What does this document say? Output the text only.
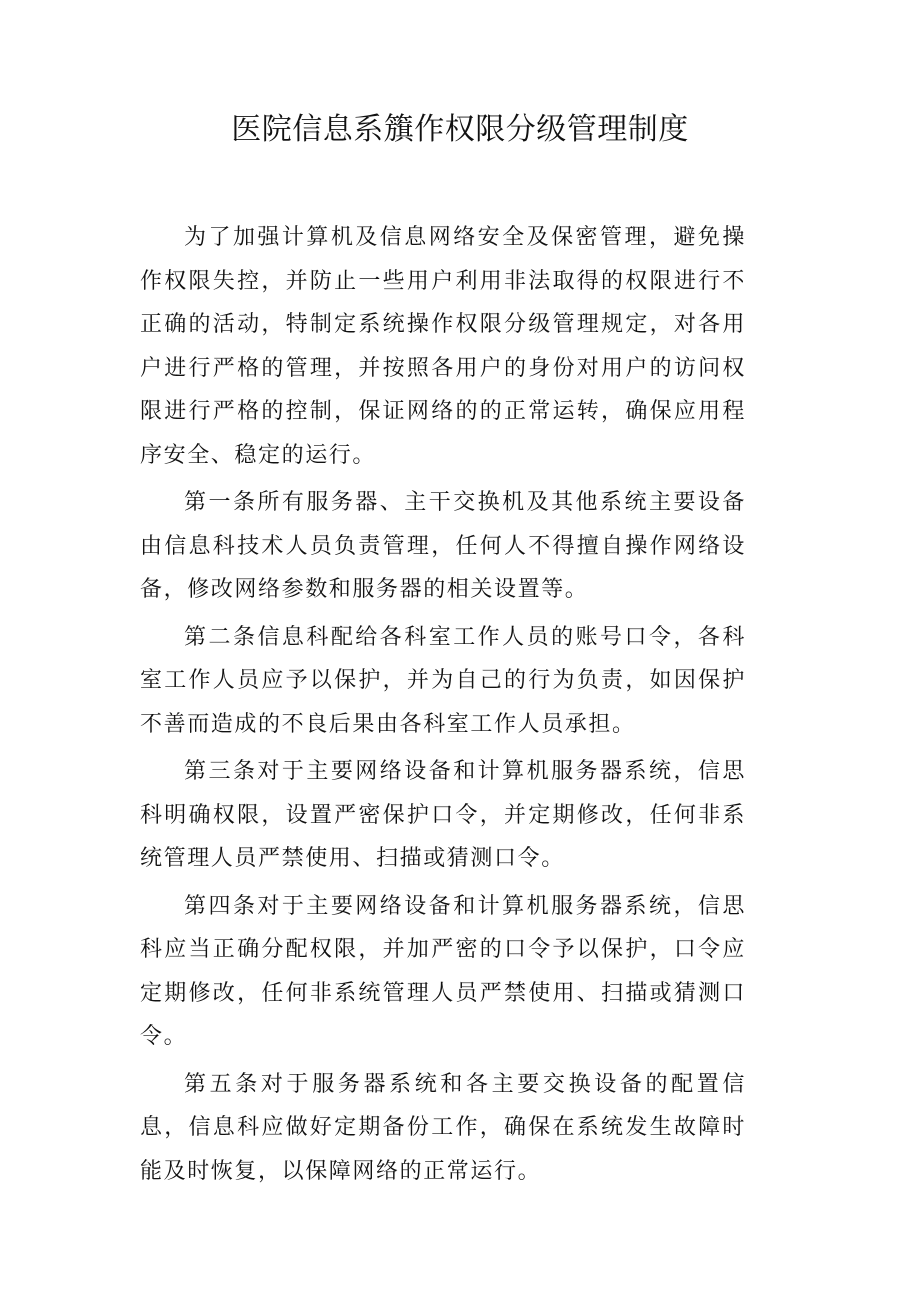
医院信息系籏作权限分级管理制度

为了加强计算机及信息网络安全及保密管理，避免操作权限失控，并防止一些用户利用非法取得的权限进行不正确的活动，特制定系统操作权限分级管理规定，对各用户进行严格的管理，并按照各用户的身份对用户的访问权限进行严格的控制，保证网络的的正常运转，确保应用程序安全、稳定的运行。

第一条所有服务器、主干交换机及其他系统主要设备由信息科技术人员负责管理，任何人不得擅自操作网络设备，修改网络参数和服务器的相关设置等。

第二条信息科配给各科室工作人员的账号口令，各科室工作人员应予以保护，并为自己的行为负责，如因保护不善而造成的不良后果由各科室工作人员承担。

第三条对于主要网络设备和计算机服务器系统，信思科明确权限，设置严密保护口令，并定期修改，任何非系统管理人员严禁使用、扫描或猜测口令。

第四条对于主要网络设备和计算机服务器系统，信思科应当正确分配权限，并加严密的口令予以保护，口令应定期修改，任何非系统管理人员严禁使用、扫描或猜测口令。

第五条对于服务器系统和各主要交换设备的配置信息，信息科应做好定期备份工作，确保在系统发生故障时能及时恢复，以保障网络的正常运行。
